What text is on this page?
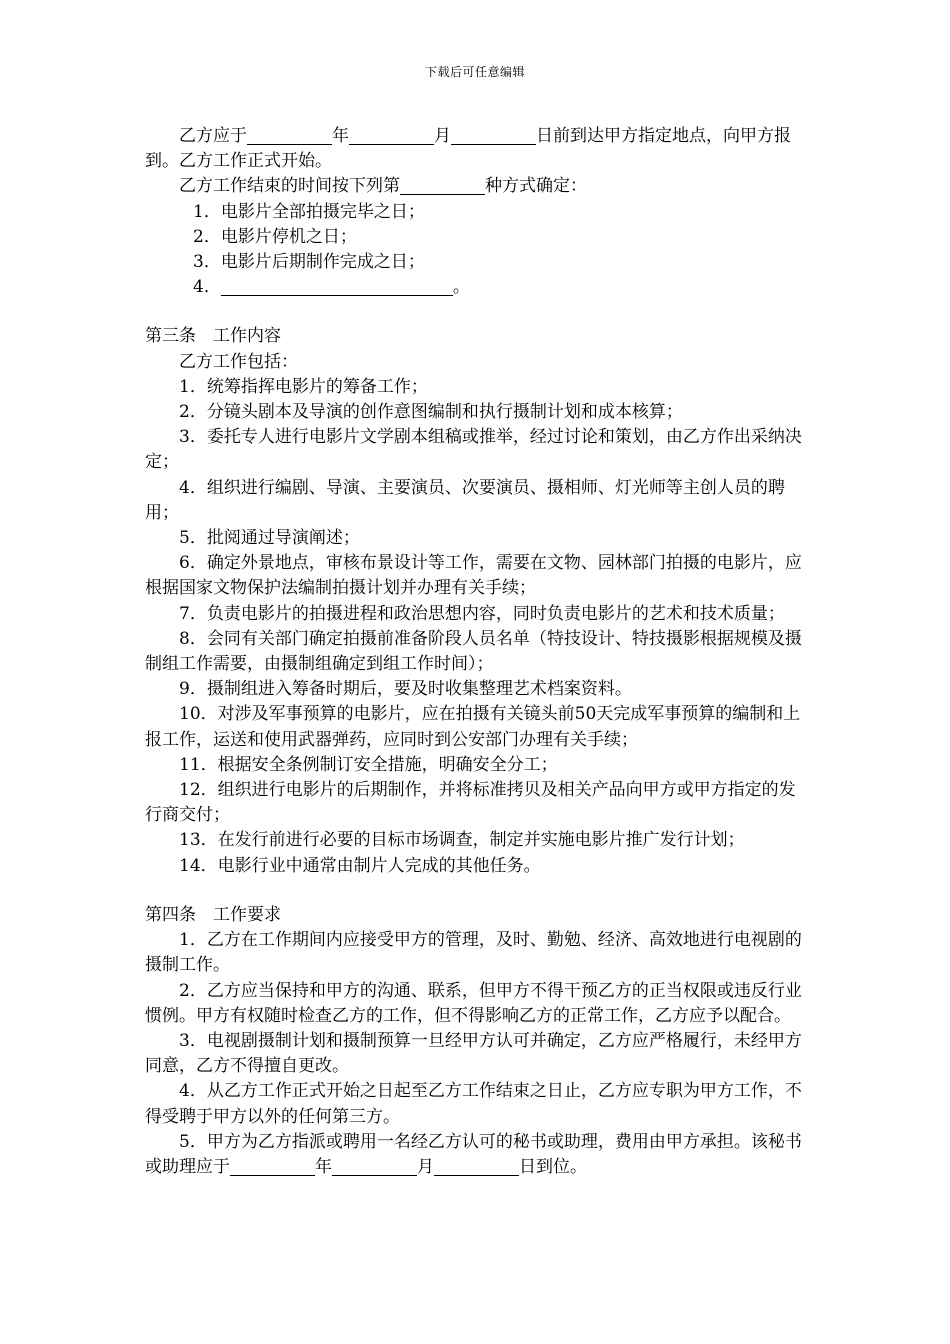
下载后可任意编辑

乙方应于	年	月	日前到达甲方指定地点，向甲方报到。乙方工作正式开始。

乙方工作结束的时间按下列第	种方式确定：

1．电影片全部拍摄完毕之日；

2．电影片停机之日；

3．电影片后期制作完成之日；

4．	。

第三条　工作内容

乙方工作包括：

1．统筹指挥电影片的筹备工作；

2．分镜头剧本及导演的创作意图编制和执行摄制计划和成本核算；

3．委托专人进行电影片文学剧本组稿或推举，经过讨论和策划，由乙方作出采纳决定；

4．组织进行编剧、导演、主要演员、次要演员、摄相师、灯光师等主创人员的聘用；

5．批阅通过导演阐述；

6．确定外景地点，审核布景设计等工作，需要在文物、园林部门拍摄的电影片，应根据国家文物保护法编制拍摄计划并办理有关手续；

7．负责电影片的拍摄进程和政治思想内容，同时负责电影片的艺术和技术质量；

8．会同有关部门确定拍摄前准备阶段人员名单（特技设计、特技摄影根据规模及摄制组工作需要，由摄制组确定到组工作时间）；

9．摄制组进入筹备时期后，要及时收集整理艺术档案资料。

10．对涉及军事预算的电影片，应在拍摄有关镜头前50天完成军事预算的编制和上报工作，运送和使用武器弹药，应同时到公安部门办理有关手续；

11．根据安全条例制订安全措施，明确安全分工；

12．组织进行电影片的后期制作，并将标准拷贝及相关产品向甲方或甲方指定的发行商交付；

13．在发行前进行必要的目标市场调查，制定并实施电影片推广发行计划；

14．电影行业中通常由制片人完成的其他任务。

第四条　工作要求

1．乙方在工作期间内应接受甲方的管理，及时、勤勉、经济、高效地进行电视剧的摄制工作。

2．乙方应当保持和甲方的沟通、联系，但甲方不得干预乙方的正当权限或违反行业惯例。甲方有权随时检查乙方的工作，但不得影响乙方的正常工作，乙方应予以配合。

3．电视剧摄制计划和摄制预算一旦经甲方认可并确定，乙方应严格履行，未经甲方同意，乙方不得擅自更改。

4．从乙方工作正式开始之日起至乙方工作结束之日止，乙方应专职为甲方工作，不得受聘于甲方以外的任何第三方。

5．甲方为乙方指派或聘用一名经乙方认可的秘书或助理，费用由甲方承担。该秘书或助理应于	年	月	日到位。
